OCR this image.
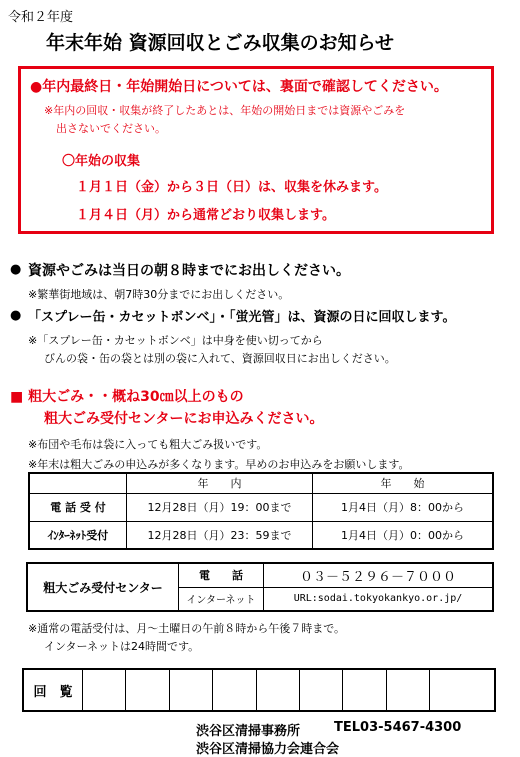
令和２年度
年末年始 資源回収とごみ収集のお知らせ
●年内最終日・年始開始日については、裏面で確認してください。
※年内の回収・収集が終了したあとは、年始の開始日までは資源やごみを
出さないでください。
〇年始の収集
１月１日（金）から３日（日）は、収集を休みます。
１月４日（月）から通常どおり収集します。
● 資源やごみは当日の朝８時までにお出しください。
※繁華街地域は、朝7時30分までにお出しください。
● 「スプレー缶・カセットボンベ」・「蛍光管」は、資源の日に回収します。
※「スプレー缶・カセットボンベ」は中身を使い切ってから
びんの袋・缶の袋とは別の袋に入れて、資源回収日にお出しください。
■ 粗大ごみ・・概ね30㎝以上のもの
粗大ごみ受付センターにお申込みください。
※布団や毛布は袋に入っても粗大ごみ扱いです。
※年末は粗大ごみの申込みが多くなります。早めのお申込みをお願いします。
	年　　内	年　　始
電 話 受 付	12月28日（月）19：00まで	1月4日（月）8：00から
ｲﾝﾀｰﾈｯﾄ受付	12月28日（月）23：59まで	1月4日（月）0：00から
粗大ごみ受付センター	電　　話	０３－５２９６－７０００
	インターネット	URL:sodai.tokyokankyo.or.jp/
※通常の電話受付は、月～土曜日の午前８時から午後７時まで。
インターネットは24時間です。
回　覧									
渋谷区清掃事務所	TEL03-5467-4300
渋谷区清掃協力会連合会
